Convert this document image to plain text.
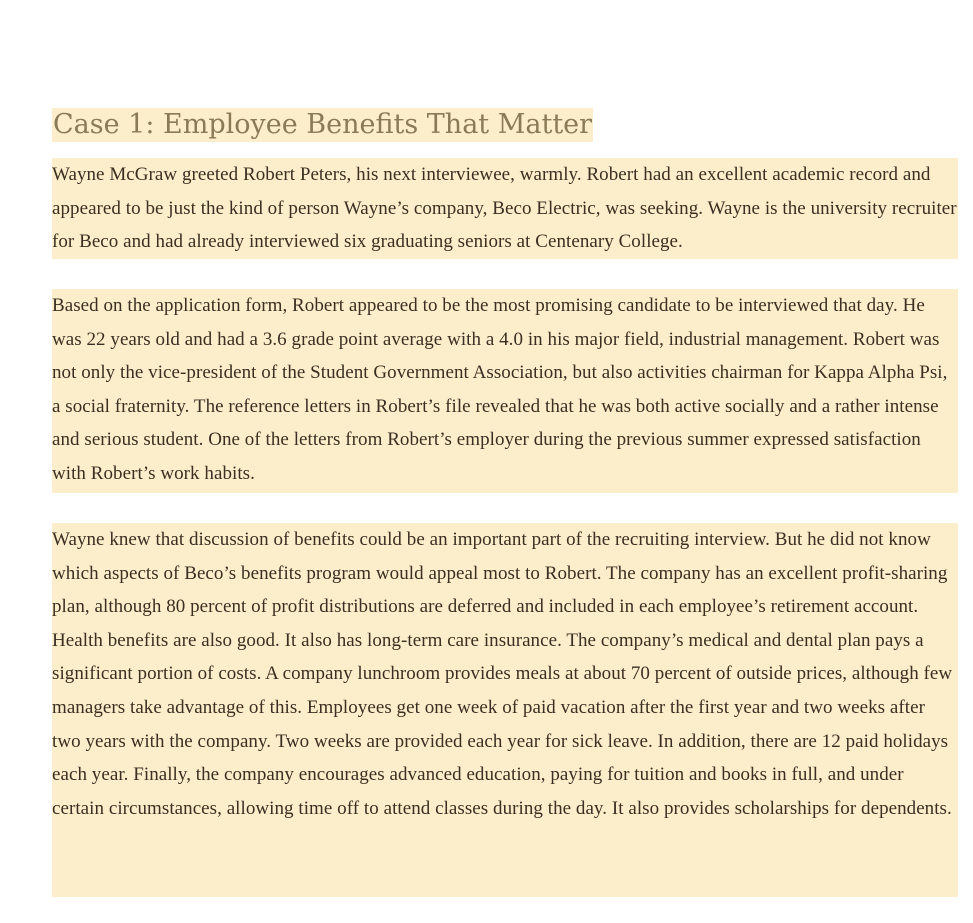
Case 1: Employee Benefits That Matter

Wayne McGraw greeted Robert Peters, his next interviewee, warmly. Robert had an excellent academic record and appeared to be just the kind of person Wayne’s company, Beco Electric, was seeking. Wayne is the university recruiter for Beco and had already interviewed six graduating seniors at Centenary College.

Based on the application form, Robert appeared to be the most promising candidate to be interviewed that day. He was 22 years old and had a 3.6 grade point average with a 4.0 in his major field, industrial management. Robert was not only the vice-president of the Student Government Association, but also activities chairman for Kappa Alpha Psi, a social fraternity. The reference letters in Robert’s file revealed that he was both active socially and a rather intense and serious student. One of the letters from Robert’s employer during the previous summer expressed satisfaction with Robert’s work habits.

Wayne knew that discussion of benefits could be an important part of the recruiting interview. But he did not know which aspects of Beco’s benefits program would appeal most to Robert. The company has an excellent profit-sharing plan, although 80 percent of profit distributions are deferred and included in each employee’s retirement account. Health benefits are also good. It also has long-term care insurance. The company’s medical and dental plan pays a significant portion of costs. A company lunchroom provides meals at about 70 percent of outside prices, although few managers take advantage of this. Employees get one week of paid vacation after the first year and two weeks after two years with the company. Two weeks are provided each year for sick leave. In addition, there are 12 paid holidays each year. Finally, the company encourages advanced education, paying for tuition and books in full, and under certain circumstances, allowing time off to attend classes during the day. It also provides scholarships for dependents.
